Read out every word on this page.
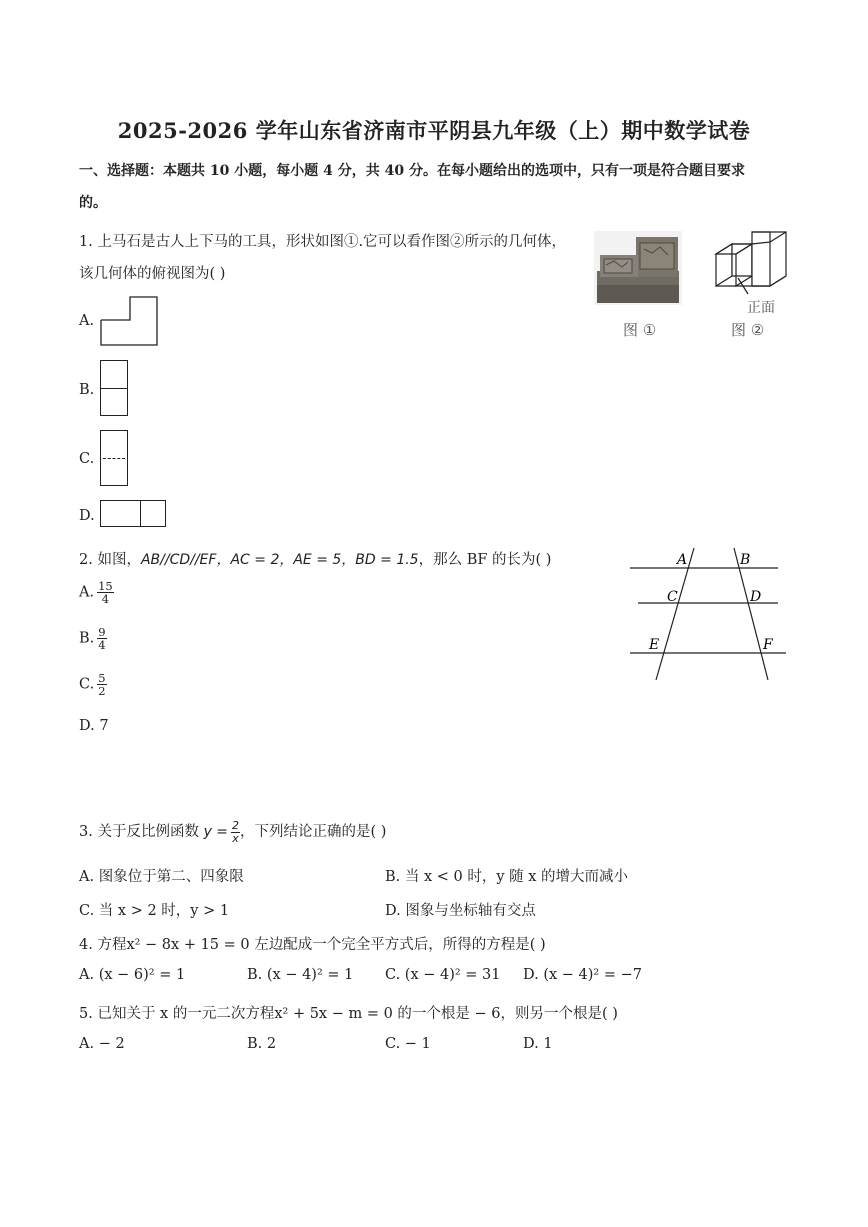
2025-2026 学年山东省济南市平阴县九年级（上）期中数学试卷
一、选择题：本题共 10 小题，每小题 4 分，共 40 分。在每小题给出的选项中，只有一项是符合题目要求
的。
1. 上马石是古人上下马的工具，形状如图①.它可以看作图②所示的几何体，
该几何体的俯视图为( )
图 ①
正面
图 ②
A.
B.
C.
D.
2. 如图，AB//CD//EF，AC = 2，AE = 5，BD = 1.5，那么 BF 的长为( )	A	B
C	D
E	F
A. $\frac{15}{4}$
B. $\frac{9}{4}$
C. $\frac{5}{2}$
D. 7
3. 关于反比例函数 $y = \frac{2}{x}$ ，下列结论正确的是( )
A. 图象位于第二、四象限	B. 当 x < 0 时，y 随 x 的增大而减小
C. 当 x > 2 时，y > 1	D. 图象与坐标轴有交点
4. 方程x² − 8x + 15 = 0 左边配成一个完全平方式后，所得的方程是( )
A. (x − 6)² = 1	B. (x − 4)² = 1 C. (x − 4)² = 31 D. (x − 4)² = −7
5. 已知关于 x 的一元二次方程x² + 5x − m = 0 的一个根是 − 6，则另一个根是( )
A. − 2	B. 2	C. − 1	D. 1
